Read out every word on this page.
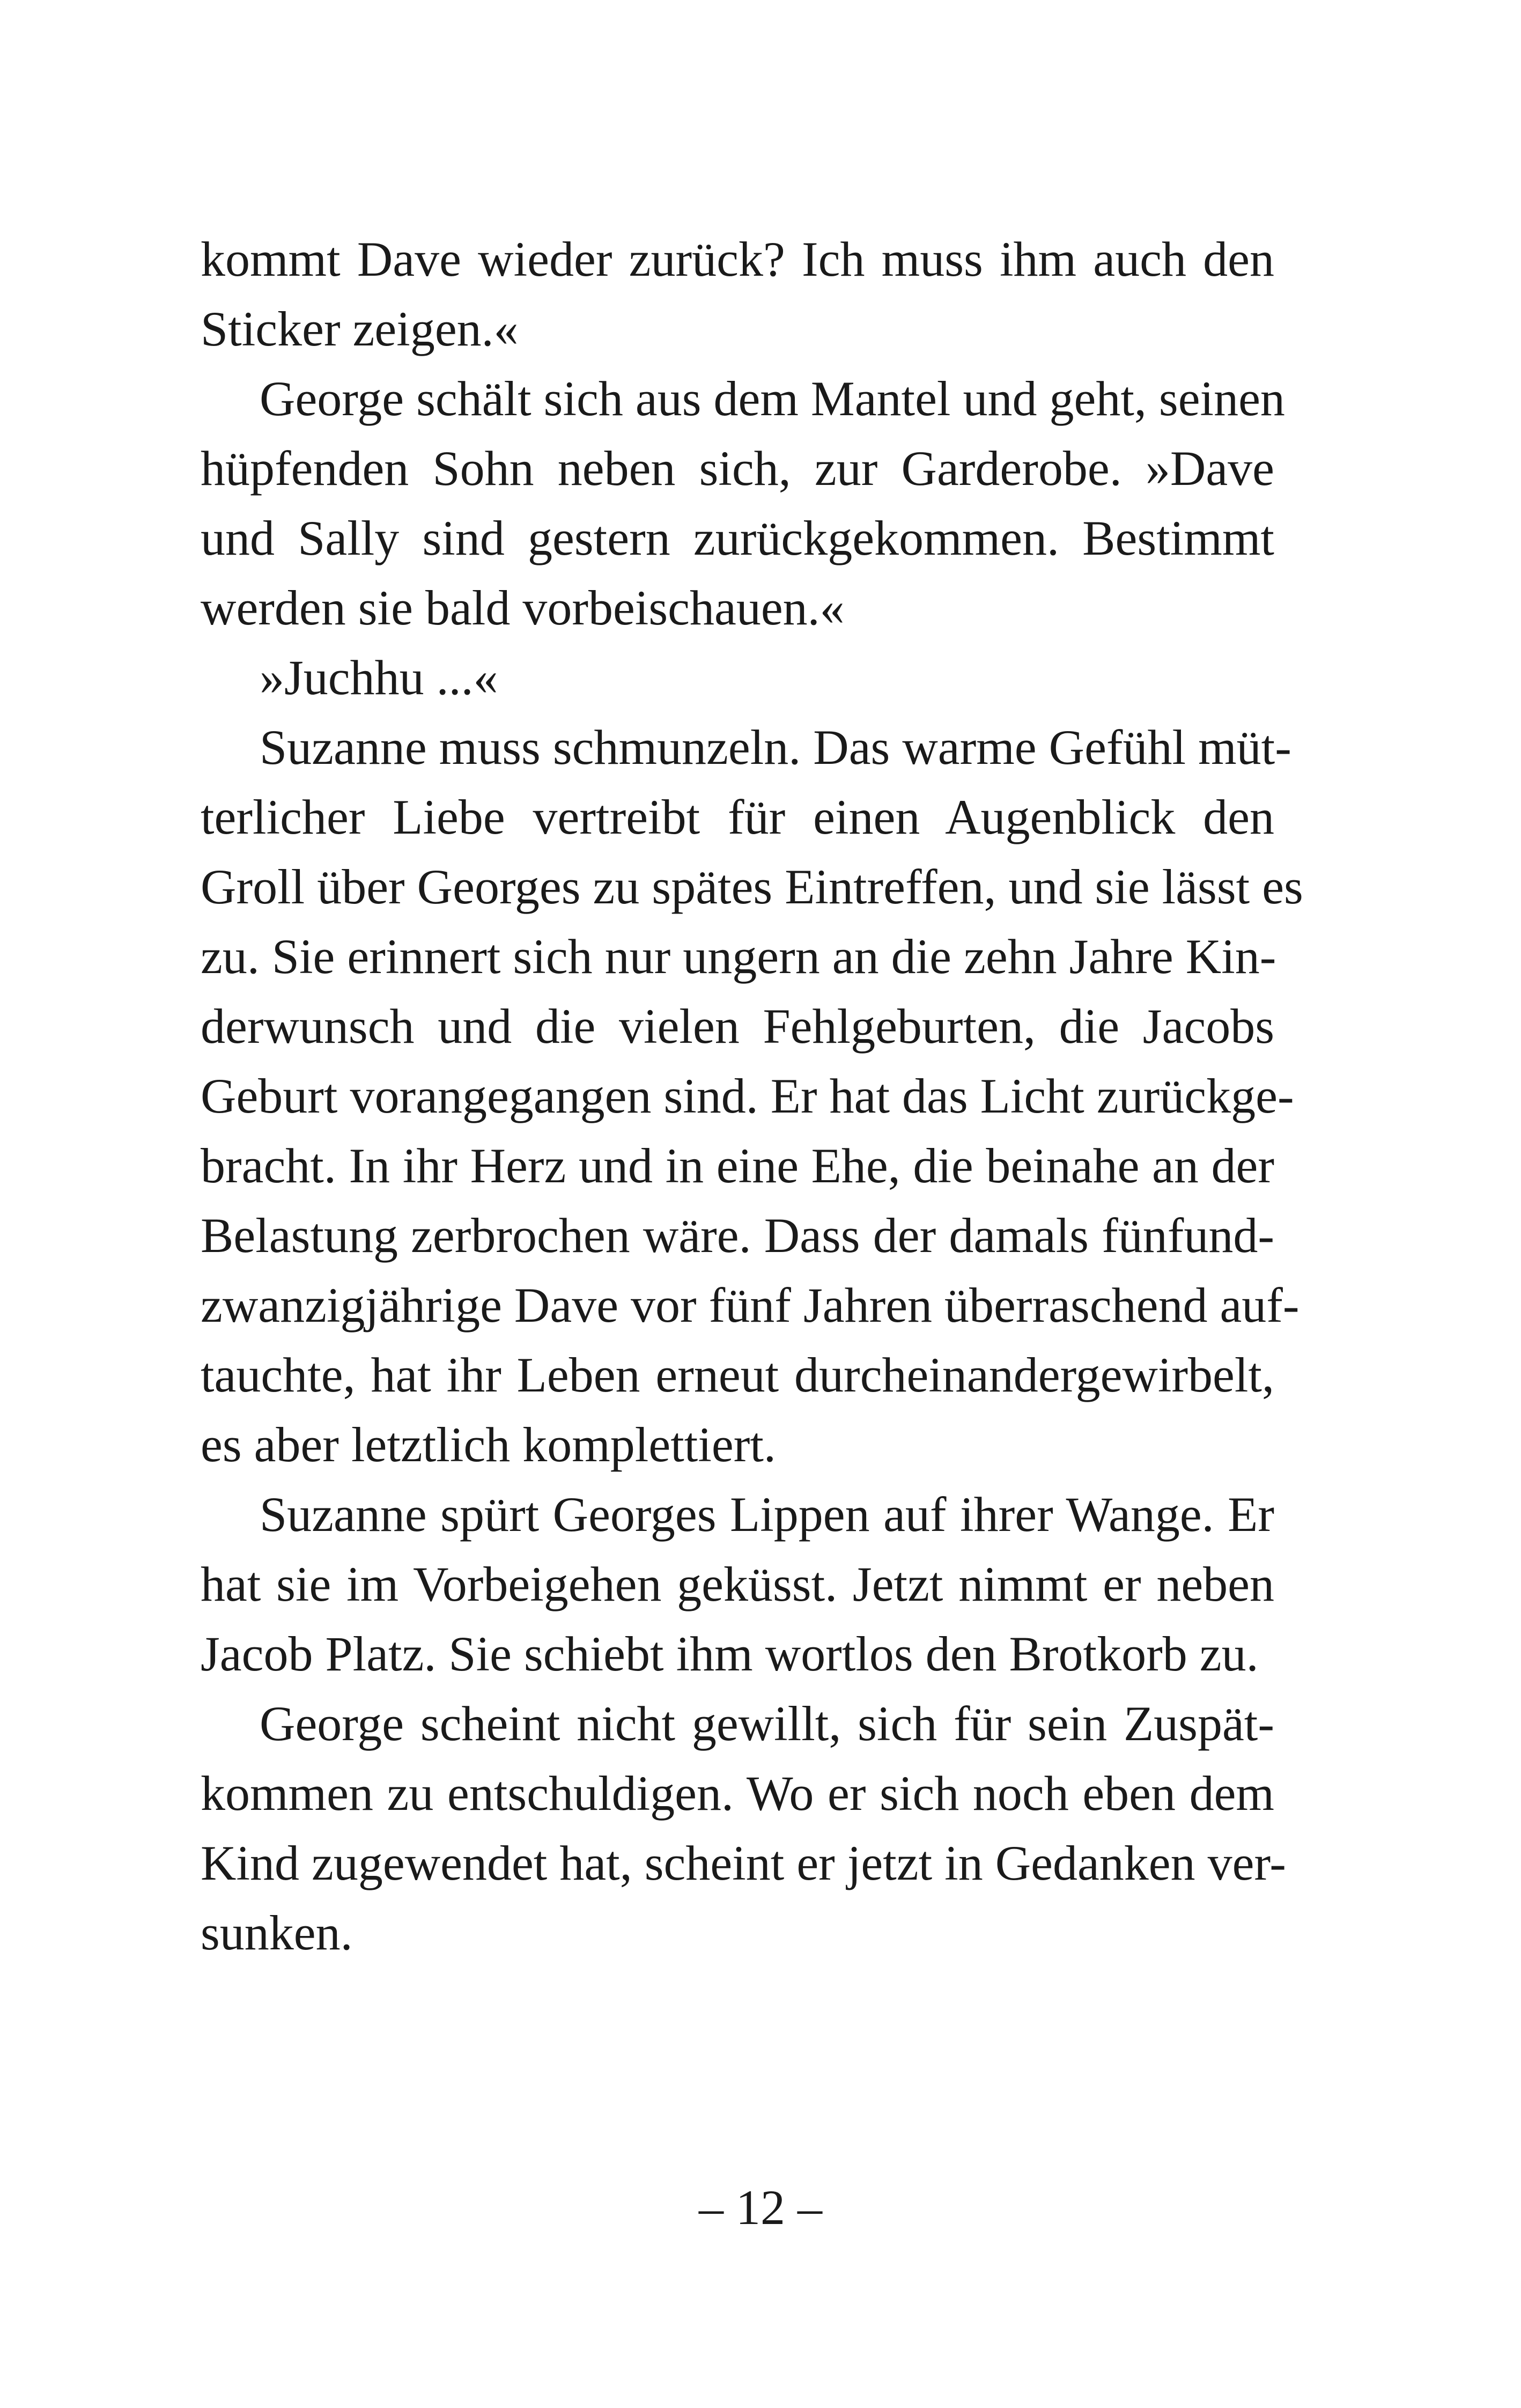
kommt Dave wieder zurück? Ich muss ihm auch den
Sticker zeigen.«
George schält sich aus dem Mantel und geht, seinen
hüpfenden Sohn neben sich, zur Garderobe. »Dave
und Sally sind gestern zurückgekommen. Bestimmt
werden sie bald vorbeischauen.«
»Juchhu ...«
Suzanne muss schmunzeln. Das warme Gefühl müt-
terlicher Liebe vertreibt für einen Augenblick den
Groll über Georges zu spätes Eintreffen, und sie lässt es
zu. Sie erinnert sich nur ungern an die zehn Jahre Kin-
derwunsch und die vielen Fehlgeburten, die Jacobs
Geburt vorangegangen sind. Er hat das Licht zurückge-
bracht. In ihr Herz und in eine Ehe, die beinahe an der
Belastung zerbrochen wäre. Dass der damals fünfund-
zwanzigjährige Dave vor fünf Jahren überraschend auf-
tauchte, hat ihr Leben erneut durcheinandergewirbelt,
es aber letztlich komplettiert.
Suzanne spürt Georges Lippen auf ihrer Wange. Er
hat sie im Vorbeigehen geküsst. Jetzt nimmt er neben
Jacob Platz. Sie schiebt ihm wortlos den Brotkorb zu.
George scheint nicht gewillt, sich für sein Zuspät-
kommen zu entschuldigen. Wo er sich noch eben dem
Kind zugewendet hat, scheint er jetzt in Gedanken ver-
sunken.
– 12 –
